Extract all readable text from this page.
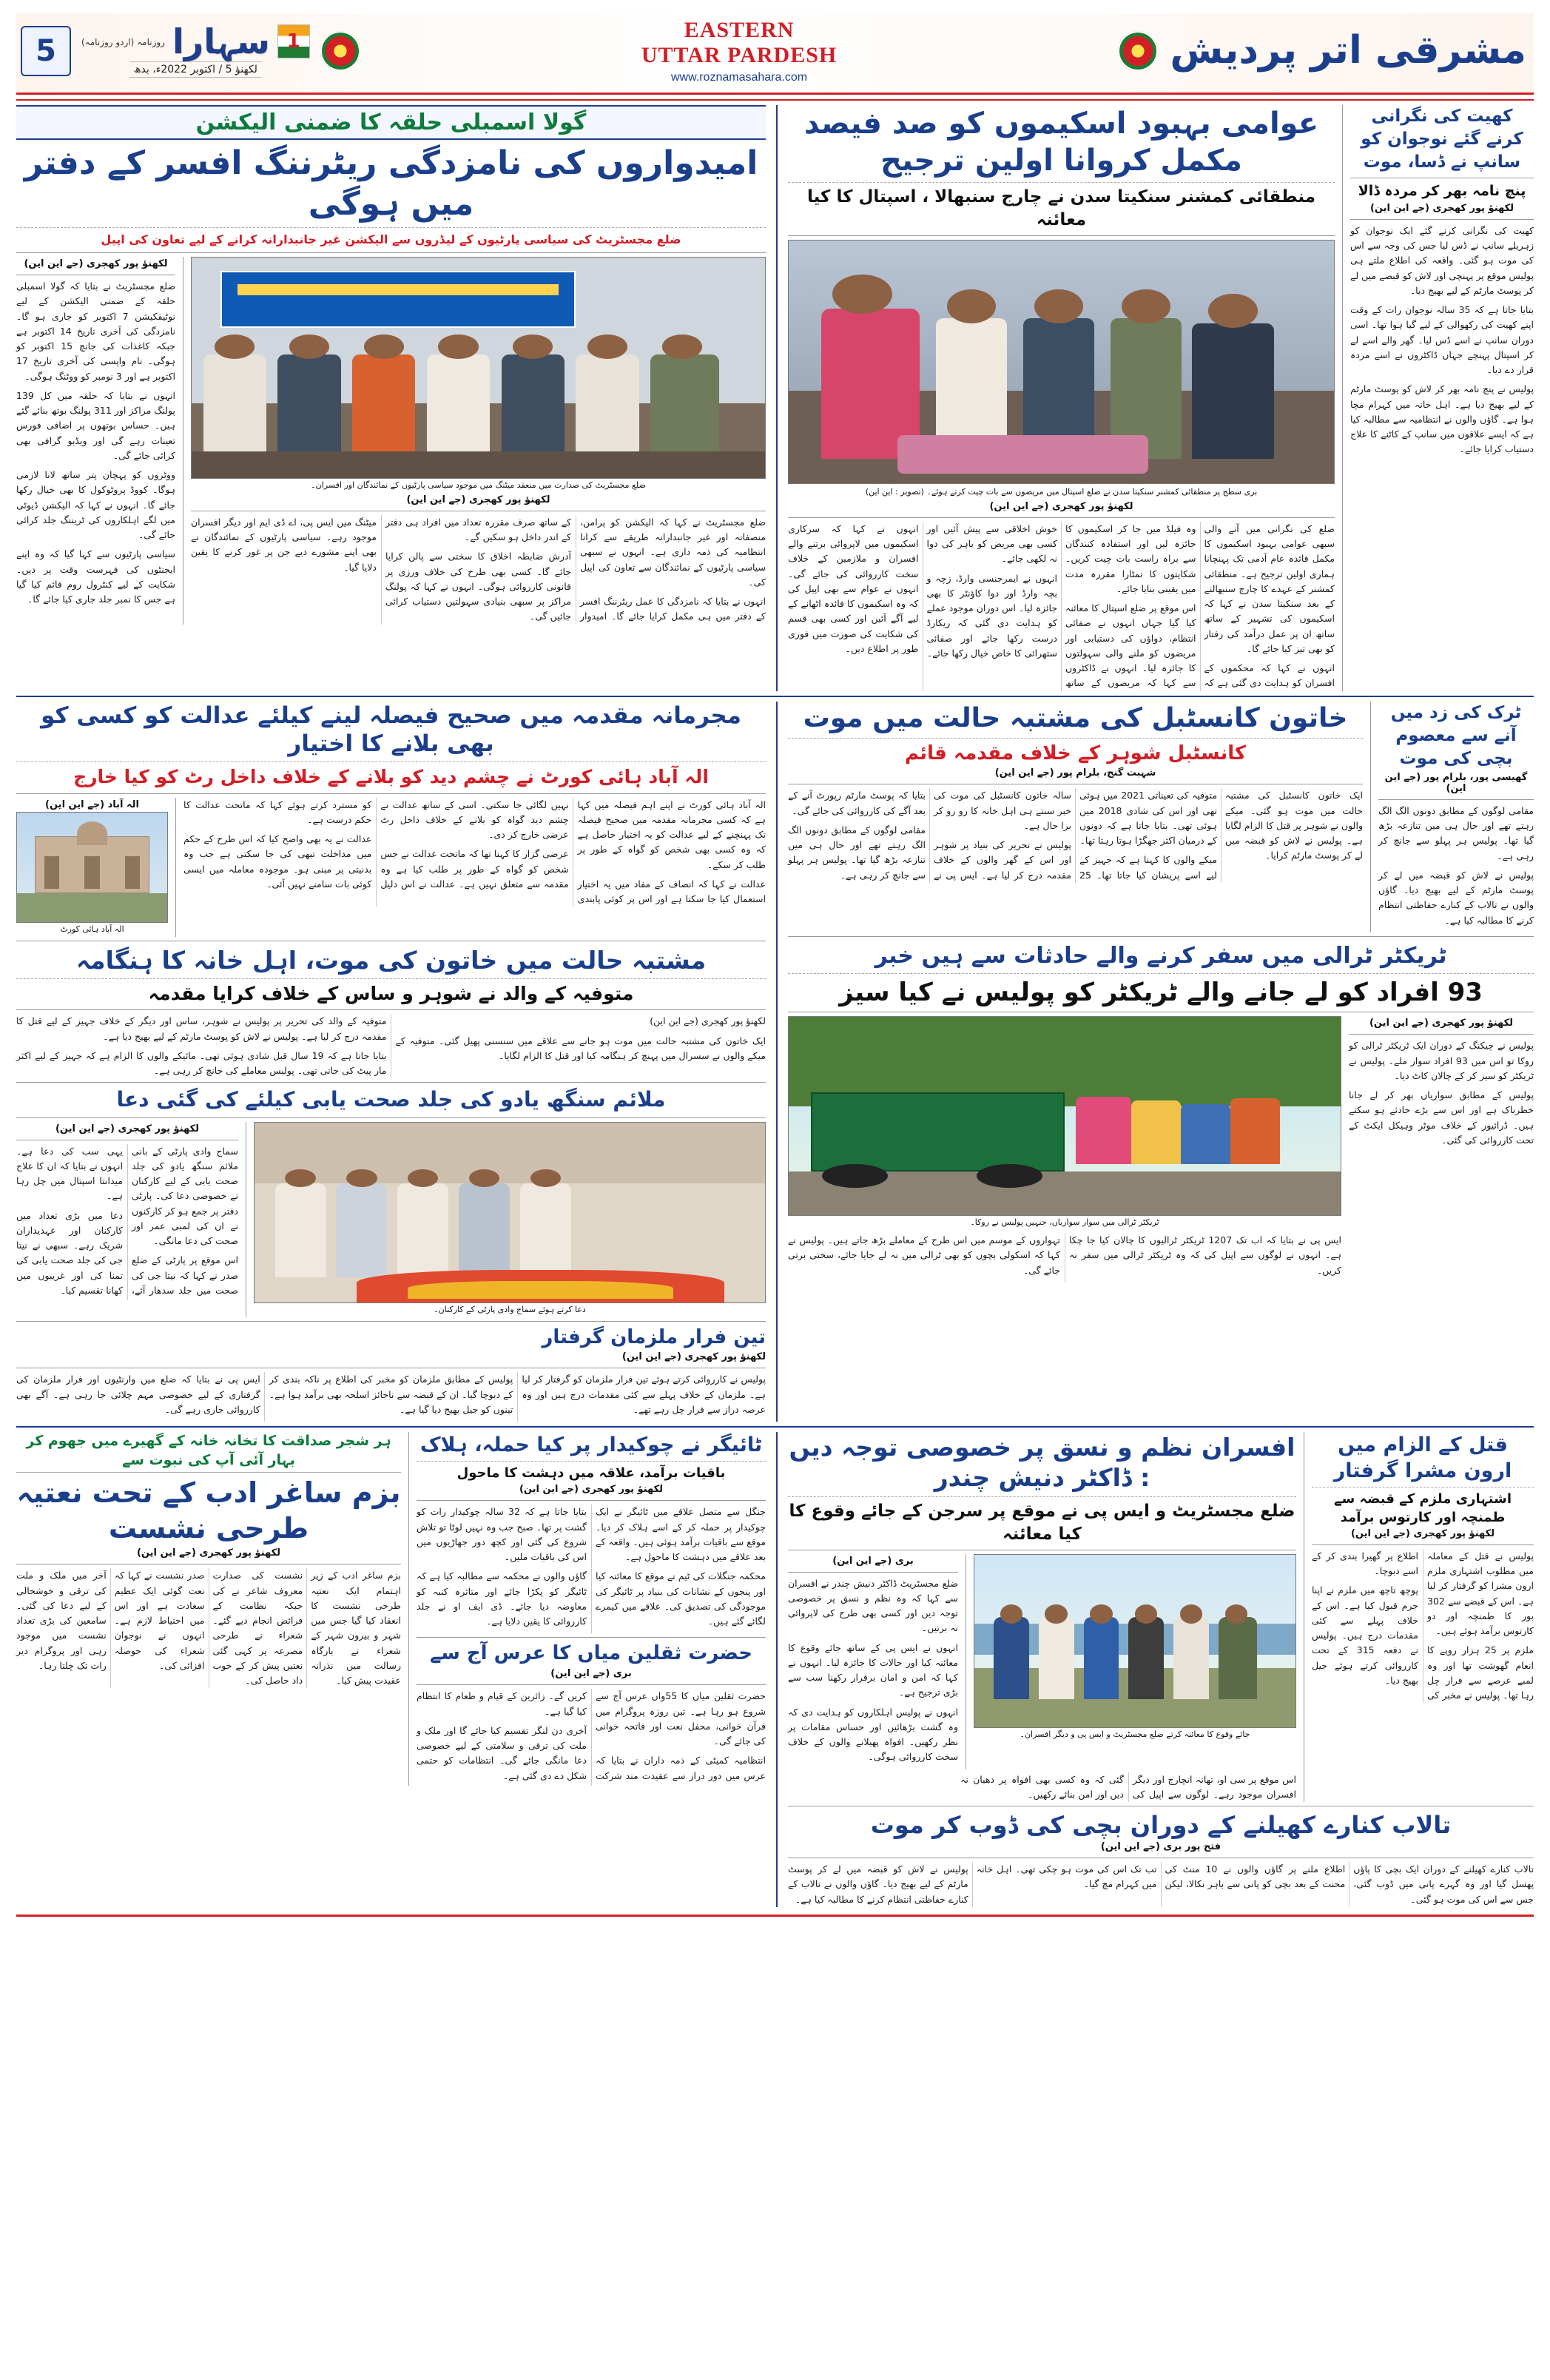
مشرقی اتر پردیش
EASTERN
UTTAR PARDESH
www.roznamasahara.com
1
سہارا
روزنامہ (اردو روزنامہ)
لکھنؤ 5 / اکتوبر 2022ء، بدھ
5
کھیت کی نگرانی کرنے گئے نوجوان کو سانپ نے ڈسا، موت
پنچ نامہ بھر کر مردہ ڈالا
لکھنؤ پور کھجری (جے این این)

کھیت کی نگرانی کرنے گئے ایک نوجوان کو زہریلے سانپ نے ڈس لیا جس کی وجہ سے اس کی موت ہو گئی۔ واقعہ کی اطلاع ملتے ہی پولیس موقع پر پہنچی اور لاش کو قبضے میں لے کر پوسٹ مارٹم کے لیے بھیج دیا۔

بتایا جاتا ہے کہ 35 سالہ نوجوان رات کے وقت اپنے کھیت کی رکھوالی کے لیے گیا ہوا تھا۔ اسی دوران سانپ نے اسے ڈس لیا۔ گھر والے اسے لے کر اسپتال پہنچے جہاں ڈاکٹروں نے اسے مردہ قرار دے دیا۔

پولیس نے پنچ نامہ بھر کر لاش کو پوسٹ مارٹم کے لیے بھیج دیا ہے۔ اہل خانہ میں کہرام مچا ہوا ہے۔ گاؤں والوں نے انتظامیہ سے مطالبہ کیا ہے کہ ایسے علاقوں میں سانپ کے کاٹنے کا علاج دستیاب کرایا جائے۔

عوامی بہبود اسکیموں کو صد فیصد مکمل کروانا اولین ترجیح
منطقائی کمشنر سنکیتا سدن نے چارج سنبھالا ، اسپتال کا کیا معائنہ
بری سطح پر منطقائی کمشنر سنکیتا سدن نے ضلع اسپتال میں مریضوں سے بات چیت کرتے ہوئے۔ (تصویر : این این)
لکھنؤ پور کھجری (جے این این)

ضلع کی نگرانی میں آنے والی سبھی عوامی بہبود اسکیموں کا مکمل فائدہ عام آدمی تک پہنچانا ہماری اولین ترجیح ہے۔ منطقائی کمشنر کے عہدے کا چارج سنبھالنے کے بعد سنکیتا سدن نے کہا کہ اسکیموں کی تشہیر کے ساتھ ساتھ ان پر عمل درآمد کی رفتار کو بھی تیز کیا جائے گا۔

انہوں نے کہا کہ محکموں کے افسران کو ہدایت دی گئی ہے کہ وہ فیلڈ میں جا کر اسکیموں کا جائزہ لیں اور استفادہ کنندگان سے براہ راست بات چیت کریں۔ شکایتوں کا نمٹارا مقررہ مدت میں یقینی بنایا جائے۔

اس موقع پر ضلع اسپتال کا معائنہ کیا گیا جہاں انہوں نے صفائی انتظام، دواؤں کی دستیابی اور مریضوں کو ملنے والی سہولتوں کا جائزہ لیا۔ انہوں نے ڈاکٹروں سے کہا کہ مریضوں کے ساتھ خوش اخلاقی سے پیش آئیں اور کسی بھی مریض کو باہر کی دوا نہ لکھی جائے۔

انہوں نے ایمرجنسی وارڈ، زچہ و بچہ وارڈ اور دوا کاؤنٹر کا بھی جائزہ لیا۔ اس دوران موجود عملے کو ہدایت دی گئی کہ ریکارڈ درست رکھا جائے اور صفائی ستھرائی کا خاص خیال رکھا جائے۔

انہوں نے کہا کہ سرکاری اسکیموں میں لاپروائی برتنے والے افسران و ملازمین کے خلاف سخت کارروائی کی جائے گی۔ انہوں نے عوام سے بھی اپیل کی کہ وہ اسکیموں کا فائدہ اٹھانے کے لیے آگے آئیں اور کسی بھی قسم کی شکایت کی صورت میں فوری طور پر اطلاع دیں۔

گولا اسمبلی حلقہ کا ضمنی الیکشن
امیدواروں کی نامزدگی ریٹرننگ افسر کے دفتر میں ہوگی
ضلع مجسٹریٹ کی سیاسی پارٹیوں کے لیڈروں سے الیکشن غیر جانبدارانہ کرانے کے لیے تعاون کی اپیل
ضلع مجسٹریٹ کی صدارت میں منعقد میٹنگ میں موجود سیاسی پارٹیوں کے نمائندگان اور افسران۔
لکھنؤ پور کھجری (جے این این)

ضلع مجسٹریٹ نے کہا کہ الیکشن کو پرامن، منصفانہ اور غیر جانبدارانہ طریقے سے کرانا انتظامیہ کی ذمہ داری ہے۔ انہوں نے سبھی سیاسی پارٹیوں کے نمائندگان سے تعاون کی اپیل کی۔

انہوں نے بتایا کہ نامزدگی کا عمل ریٹرننگ افسر کے دفتر میں ہی مکمل کرایا جائے گا۔ امیدوار کے ساتھ صرف مقررہ تعداد میں افراد ہی دفتر کے اندر داخل ہو سکیں گے۔

آدرش ضابطہ اخلاق کا سختی سے پالن کرایا جائے گا۔ کسی بھی طرح کی خلاف ورزی پر قانونی کارروائی ہوگی۔ انہوں نے کہا کہ پولنگ مراکز پر سبھی بنیادی سہولتیں دستیاب کرائی جائیں گی۔

میٹنگ میں ایس پی، اے ڈی ایم اور دیگر افسران موجود رہے۔ سیاسی پارٹیوں کے نمائندگان نے بھی اپنے مشورے دیے جن پر غور کرنے کا یقین دلایا گیا۔

لکھنؤ پور کھجری (جے این این)

ضلع مجسٹریٹ نے بتایا کہ گولا اسمبلی حلقہ کے ضمنی الیکشن کے لیے نوٹیفکیشن 7 اکتوبر کو جاری ہو گا۔ نامزدگی کی آخری تاریخ 14 اکتوبر ہے جبکہ کاغذات کی جانچ 15 اکتوبر کو ہوگی۔ نام واپسی کی آخری تاریخ 17 اکتوبر ہے اور 3 نومبر کو ووٹنگ ہوگی۔

انہوں نے بتایا کہ حلقہ میں کل 139 پولنگ مراکز اور 311 پولنگ بوتھ بنائے گئے ہیں۔ حساس بوتھوں پر اضافی فورس تعینات رہے گی اور ویڈیو گرافی بھی کرائی جائے گی۔

ووٹروں کو پہچان پتر ساتھ لانا لازمی ہوگا۔ کووڈ پروٹوکول کا بھی خیال رکھا جائے گا۔ انہوں نے کہا کہ الیکشن ڈیوٹی میں لگے اہلکاروں کی ٹریننگ جلد کرائی جائے گی۔

سیاسی پارٹیوں سے کہا گیا کہ وہ اپنے ایجنٹوں کی فہرست وقت پر دیں۔ شکایت کے لیے کنٹرول روم قائم کیا گیا ہے جس کا نمبر جلد جاری کیا جائے گا۔

ٹرک کی زد میں آنے سے معصوم بچی کی موت
گھیسی پور، بلرام پور (جے این این)

مقامی لوگوں کے مطابق دونوں الگ الگ رہتے تھے اور حال ہی میں تنازعہ بڑھ گیا تھا۔ پولیس ہر پہلو سے جانچ کر رہی ہے۔

پولیس نے لاش کو قبضہ میں لے کر پوسٹ مارٹم کے لیے بھیج دیا۔ گاؤں والوں نے تالاب کے کنارے حفاظتی انتظام کرنے کا مطالبہ کیا ہے۔

خاتون کانسٹبل کی مشتبہ حالت میں موت
کانسٹبل شوہر کے خلاف مقدمہ قائم
شہبت گنج، بلرام پور (جے این این)

ایک خاتون کانسٹبل کی مشتبہ حالت میں موت ہو گئی۔ میکے والوں نے شوہر پر قتل کا الزام لگایا ہے۔ پولیس نے لاش کو قبضہ میں لے کر پوسٹ مارٹم کرایا۔

متوفیہ کی تعیناتی 2021 میں ہوئی تھی اور اس کی شادی 2018 میں ہوئی تھی۔ بتایا جاتا ہے کہ دونوں کے درمیان اکثر جھگڑا ہوتا رہتا تھا۔

میکے والوں کا کہنا ہے کہ جہیز کے لیے اسے پریشان کیا جاتا تھا۔ 25 سالہ خاتون کانسٹبل کی موت کی خبر سنتے ہی اہل خانہ کا رو رو کر برا حال ہے۔

پولیس نے تحریر کی بنیاد پر شوہر اور اس کے گھر والوں کے خلاف مقدمہ درج کر لیا ہے۔ ایس پی نے بتایا کہ پوسٹ مارٹم رپورٹ آنے کے بعد آگے کی کارروائی کی جائے گی۔

مقامی لوگوں کے مطابق دونوں الگ الگ رہتے تھے اور حال ہی میں تنازعہ بڑھ گیا تھا۔ پولیس ہر پہلو سے جانچ کر رہی ہے۔

ٹریکٹر ٹرالی میں سفر کرنے والے حادثات سے ہیں خبر
93 افراد کو لے جانے والے ٹریکٹر کو پولیس نے کیا سیز
لکھنؤ پور کھجری (جے این این)

پولیس نے چیکنگ کے دوران ایک ٹریکٹر ٹرالی کو روکا تو اس میں 93 افراد سوار ملے۔ پولیس نے ٹریکٹر کو سیز کر کے چالان کاٹ دیا۔

پولیس کے مطابق سواریاں بھر کر لے جانا خطرناک ہے اور اس سے بڑے حادثے ہو سکتے ہیں۔ ڈرائیور کے خلاف موٹر وہیکل ایکٹ کے تحت کارروائی کی گئی۔

ٹریکٹر ٹرالی میں سوار سواریاں، جنہیں پولیس نے روکا۔

ایس پی نے بتایا کہ اب تک 1207 ٹریکٹر ٹرالیوں کا چالان کیا جا چکا ہے۔ انہوں نے لوگوں سے اپیل کی کہ وہ ٹریکٹر ٹرالی میں سفر نہ کریں۔

تہواروں کے موسم میں اس طرح کے معاملے بڑھ جاتے ہیں۔ پولیس نے کہا کہ اسکولی بچوں کو بھی ٹرالی میں نہ لے جایا جائے، سختی برتی جائے گی۔

مجرمانہ مقدمہ میں صحیح فیصلہ لینے کیلئے عدالت کو کسی کو بھی بلانے کا اختیار
الہ آباد ہائی کورٹ نے چشم دید کو بلانے کے خلاف داخل رٹ کو کیا خارج

الہ آباد ہائی کورٹ نے اپنے اہم فیصلہ میں کہا ہے کہ کسی مجرمانہ مقدمہ میں صحیح فیصلہ تک پہنچنے کے لیے عدالت کو یہ اختیار حاصل ہے کہ وہ کسی بھی شخص کو گواہ کے طور پر طلب کر سکے۔

عدالت نے کہا کہ انصاف کے مفاد میں یہ اختیار استعمال کیا جا سکتا ہے اور اس پر کوئی پابندی نہیں لگائی جا سکتی۔ اسی کے ساتھ عدالت نے چشم دید گواہ کو بلانے کے خلاف داخل رٹ عرضی خارج کر دی۔

عرضی گزار کا کہنا تھا کہ ماتحت عدالت نے جس شخص کو گواہ کے طور پر طلب کیا ہے وہ مقدمہ سے متعلق نہیں ہے۔ عدالت نے اس دلیل کو مسترد کرتے ہوئے کہا کہ ماتحت عدالت کا حکم درست ہے۔

عدالت نے یہ بھی واضح کیا کہ اس طرح کے حکم میں مداخلت تبھی کی جا سکتی ہے جب وہ بدنیتی پر مبنی ہو۔ موجودہ معاملہ میں ایسی کوئی بات سامنے نہیں آئی۔

الہ آباد (جے این این)
الہ آباد ہائی کورٹ
مشتبہ حالت میں خاتون کی موت، اہل خانہ کا ہنگامہ
متوفیہ کے والد نے شوہر و ساس کے خلاف کرایا مقدمہ

لکھنؤ پور کھجری (جے این این)

ایک خاتون کی مشتبہ حالت میں موت ہو جانے سے علاقے میں سنسنی پھیل گئی۔ متوفیہ کے میکے والوں نے سسرال میں پہنچ کر ہنگامہ کیا اور قتل کا الزام لگایا۔

متوفیہ کے والد کی تحریر پر پولیس نے شوہر، ساس اور دیگر کے خلاف جہیز کے لیے قتل کا مقدمہ درج کر لیا ہے۔ پولیس نے لاش کو پوسٹ مارٹم کے لیے بھیج دیا ہے۔

بتایا جاتا ہے کہ 19 سال قبل شادی ہوئی تھی۔ مائیکے والوں کا الزام ہے کہ جہیز کے لیے اکثر مار پیٹ کی جاتی تھی۔ پولیس معاملے کی جانچ کر رہی ہے۔

ملائم سنگھ یادو کی جلد صحت یابی کیلئے کی گئی دعا
دعا کرتے ہوئے سماج وادی پارٹی کے کارکنان۔
لکھنؤ پور کھجری (جے این این)

سماج وادی پارٹی کے بانی ملائم سنگھ یادو کی جلد صحت یابی کے لیے کارکنان نے خصوصی دعا کی۔ پارٹی دفتر پر جمع ہو کر کارکنوں نے ان کی لمبی عمر اور صحت کی دعا مانگی۔

اس موقع پر پارٹی کے ضلع صدر نے کہا کہ نیتا جی کی صحت میں جلد سدھار آئے، یہی سب کی دعا ہے۔ انہوں نے بتایا کہ ان کا علاج میدانتا اسپتال میں چل رہا ہے۔

دعا میں بڑی تعداد میں کارکنان اور عہدیداران شریک رہے۔ سبھی نے نیتا جی کی جلد صحت یابی کی تمنا کی اور غریبوں میں کھانا تقسیم کیا۔

تین فرار ملزمان گرفتار
لکھنؤ پور کھجری (جے این این)

پولیس نے کارروائی کرتے ہوئے تین فرار ملزمان کو گرفتار کر لیا ہے۔ ملزمان کے خلاف پہلے سے کئی مقدمات درج ہیں اور وہ عرصہ دراز سے فرار چل رہے تھے۔

پولیس کے مطابق ملزمان کو مخبر کی اطلاع پر ناکہ بندی کر کے دبوچا گیا۔ ان کے قبضہ سے ناجائز اسلحہ بھی برآمد ہوا ہے۔ تینوں کو جیل بھیج دیا گیا ہے۔

ایس پی نے بتایا کہ ضلع میں وارنٹیوں اور فرار ملزمان کی گرفتاری کے لیے خصوصی مہم چلائی جا رہی ہے۔ آگے بھی کارروائی جاری رہے گی۔

قتل کے الزام میں ارون مشرا گرفتار
اشتہاری ملزم کے قبضہ سے طمنچہ اور کارتوس برآمد
لکھنؤ پور کھجری (جے این این)

پولیس نے قتل کے معاملہ میں مطلوب اشتہاری ملزم ارون مشرا کو گرفتار کر لیا ہے۔ اس کے قبضے سے 302 بور کا طمنچہ اور دو کارتوس برآمد ہوئے ہیں۔

ملزم پر 25 ہزار روپے کا انعام گھوشت تھا اور وہ لمبے عرصے سے فرار چل رہا تھا۔ پولیس نے مخبر کی اطلاع پر گھیرا بندی کر کے اسے دبوچا۔

پوچھ تاچھ میں ملزم نے اپنا جرم قبول کیا ہے۔ اس کے خلاف پہلے سے کئی مقدمات درج ہیں۔ پولیس نے دفعہ 315 کے تحت کارروائی کرتے ہوئے جیل بھیج دیا۔

افسران نظم و نسق پر خصوصی توجہ دیں : ڈاکٹر دنیش چندر
ضلع مجسٹریٹ و ایس پی نے موقع پر سرجن کے جائے وقوع کا کیا معائنہ
جائے وقوع کا معائنہ کرتے ضلع مجسٹریٹ و ایس پی و دیگر افسران۔
بری (جے این این)

ضلع مجسٹریٹ ڈاکٹر دنیش چندر نے افسران سے کہا کہ وہ نظم و نسق پر خصوصی توجہ دیں اور کسی بھی طرح کی لاپروائی نہ برتیں۔

انہوں نے ایس پی کے ساتھ جائے وقوع کا معائنہ کیا اور حالات کا جائزہ لیا۔ انہوں نے کہا کہ امن و امان برقرار رکھنا سب سے بڑی ترجیح ہے۔

انہوں نے پولیس اہلکاروں کو ہدایت دی کہ وہ گشت بڑھائیں اور حساس مقامات پر نظر رکھیں۔ افواہ پھیلانے والوں کے خلاف سخت کارروائی ہوگی۔

اس موقع پر سی او، تھانہ انچارج اور دیگر افسران موجود رہے۔ لوگوں سے اپیل کی گئی کہ وہ کسی بھی افواہ پر دھیان نہ دیں اور امن بنائے رکھیں۔

تالاب کنارے کھیلنے کے دوران بچی کی ڈوب کر موت
فتح پور بری (جے این این)

تالاب کنارے کھیلنے کے دوران ایک بچی کا پاؤں پھسل گیا اور وہ گہرے پانی میں ڈوب گئی، جس سے اس کی موت ہو گئی۔

اطلاع ملنے پر گاؤں والوں نے 10 منٹ کی محنت کے بعد بچی کو پانی سے باہر نکالا، لیکن تب تک اس کی موت ہو چکی تھی۔ اہل خانہ میں کہرام مچ گیا۔

پولیس نے لاش کو قبضہ میں لے کر پوسٹ مارٹم کے لیے بھیج دیا۔ گاؤں والوں نے تالاب کے کنارے حفاظتی انتظام کرنے کا مطالبہ کیا ہے۔

ٹائیگر نے چوکیدار پر کیا حملہ، ہلاک
باقیات برآمد، علاقہ میں دہشت کا ماحول
لکھنؤ پور کھجری (جے این این)

جنگل سے متصل علاقے میں ٹائیگر نے ایک چوکیدار پر حملہ کر کے اسے ہلاک کر دیا۔ موقع سے باقیات برآمد ہوئی ہیں۔ واقعہ کے بعد علاقے میں دہشت کا ماحول ہے۔

محکمہ جنگلات کی ٹیم نے موقع کا معائنہ کیا اور پنجوں کے نشانات کی بنیاد پر ٹائیگر کی موجودگی کی تصدیق کی۔ علاقے میں کیمرے لگائے گئے ہیں۔

بتایا جاتا ہے کہ 32 سالہ چوکیدار رات کو گشت پر تھا۔ صبح جب وہ نہیں لوٹا تو تلاش شروع کی گئی اور کچھ دور جھاڑیوں میں اس کی باقیات ملیں۔

گاؤں والوں نے محکمہ سے مطالبہ کیا ہے کہ ٹائیگر کو پکڑا جائے اور متاثرہ کنبہ کو معاوضہ دیا جائے۔ ڈی ایف او نے جلد کارروائی کا یقین دلایا ہے۔

حضرت ثقلین میاں کا عرس آج سے
بری (جے این این)

حضرت ثقلین میاں کا 55واں عرس آج سے شروع ہو رہا ہے۔ تین روزہ پروگرام میں قرآن خوانی، محفل نعت اور فاتحہ خوانی کی جائے گی۔

انتظامیہ کمیٹی کے ذمہ داران نے بتایا کہ عرس میں دور دراز سے عقیدت مند شرکت کریں گے۔ زائرین کے قیام و طعام کا انتظام کیا گیا ہے۔

آخری دن لنگر تقسیم کیا جائے گا اور ملک و ملت کی ترقی و سلامتی کے لیے خصوصی دعا مانگی جائے گی۔ انتظامات کو حتمی شکل دے دی گئی ہے۔

ہر شجر صداقت کا تخانہ خانہ کے گھیرے میں جھوم کر بہار آئی آپ کی نبوت سے
بزم ساغر ادب کے تحت نعتیہ طرحی نشست
لکھنؤ پور کھجری (جے این این)

بزم ساغر ادب کے زیر اہتمام ایک نعتیہ طرحی نشست کا انعقاد کیا گیا جس میں شہر و بیرون شہر کے شعراء نے بارگاہ رسالت میں نذرانہ عقیدت پیش کیا۔

نشست کی صدارت معروف شاعر نے کی جبکہ نظامت کے فرائض انجام دیے گئے۔ شعراء نے طرحی مصرعہ پر کہی گئی نعتیں پیش کر کے خوب داد حاصل کی۔

صدر نشست نے کہا کہ نعت گوئی ایک عظیم سعادت ہے اور اس میں احتیاط لازم ہے۔ انہوں نے نوجوان شعراء کی حوصلہ افزائی کی۔

آخر میں ملک و ملت کی ترقی و خوشحالی کے لیے دعا کی گئی۔ سامعین کی بڑی تعداد نشست میں موجود رہی اور پروگرام دیر رات تک چلتا رہا۔
